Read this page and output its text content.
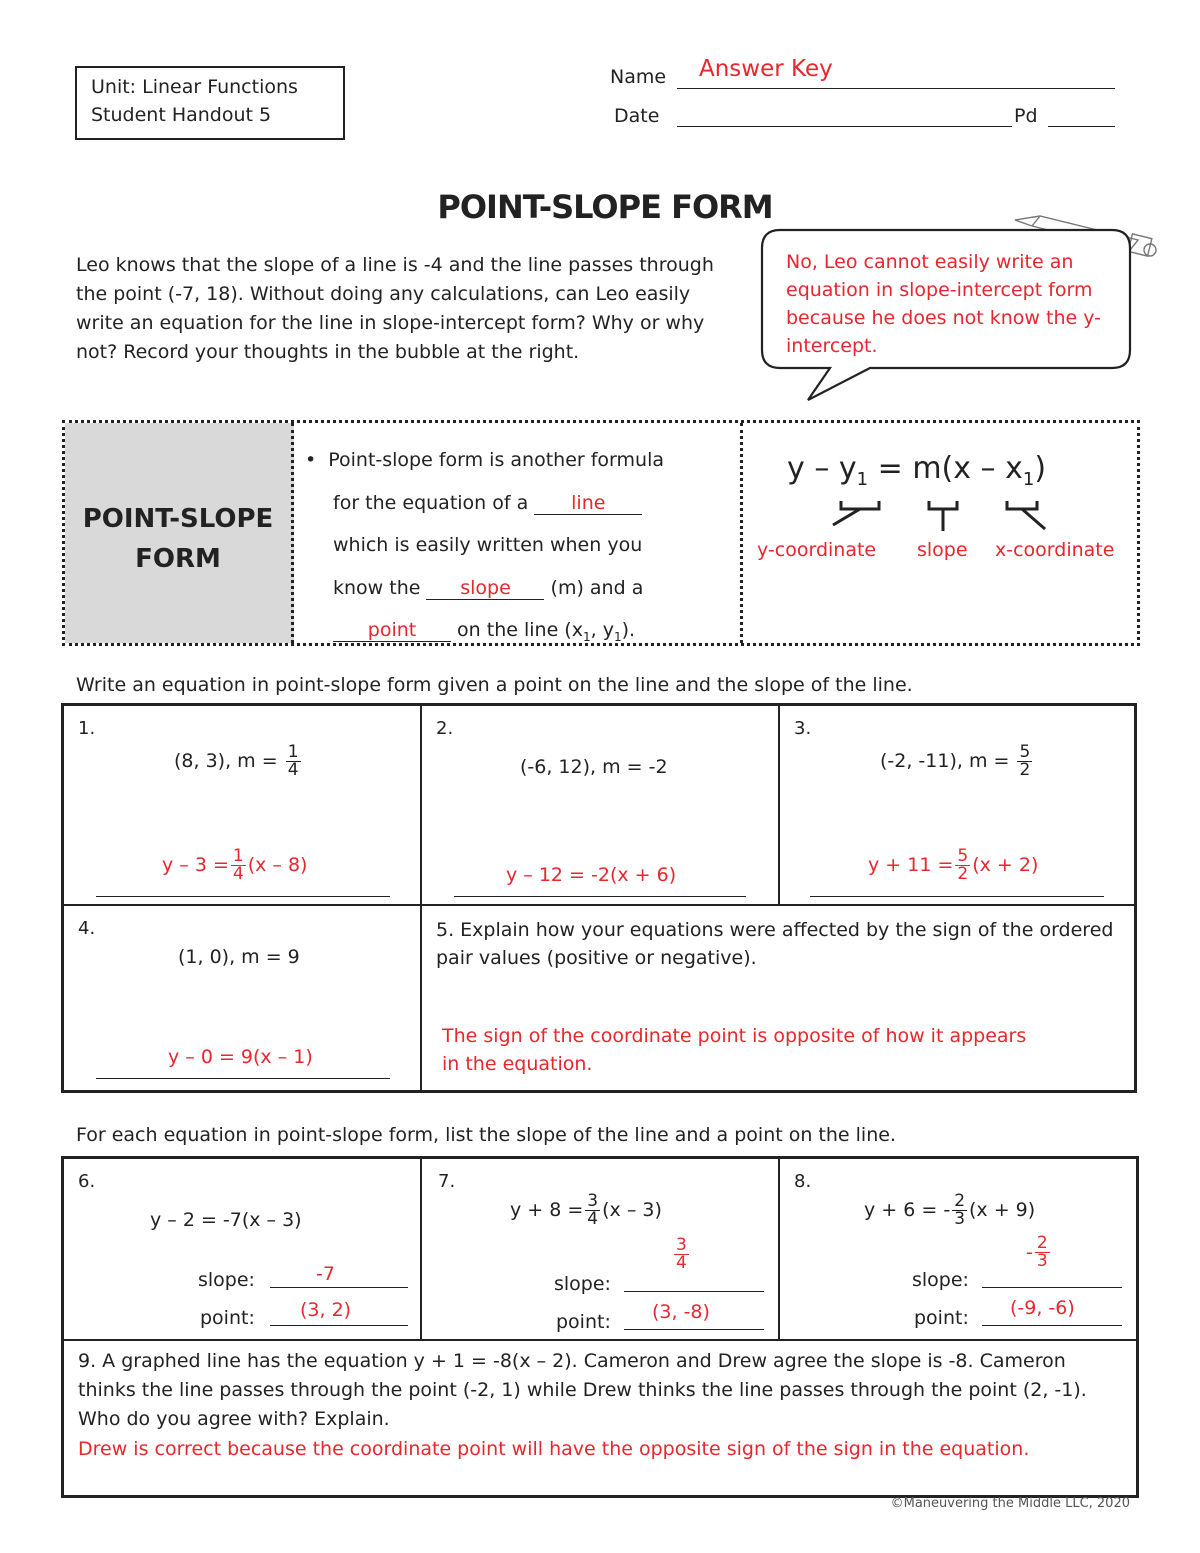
Unit: Linear Functions
Student Handout 5
Name Answer Key
Date	Pd
POINT-SLOPE FORM
Leo knows that the slope of a line is -4 and the line passes through the point (-7, 18). Without doing any calculations, can Leo easily write an equation for the line in slope-intercept form? Why or why not? Record your thoughts in the bubble at the right.
No, Leo cannot easily write an equation in slope-intercept form because he does not know the y-intercept.
POINT-SLOPE
FORM
• Point-slope form is another formula
for the equation of a line
which is easily written when you
know the slope (m) and a
point on the line ($x_1$, $y_1$).
$y - y_1 = m(x - x_1)$
y-coordinate slope x-coordinate
Write an equation in point-slope form given a point on the line and the slope of the line.
1.
(8, 3), $m = \frac{1}{4}$
$y - 3 = \frac{1}{4} (x - 8)$
2.
(-6, 12), m = -2
y – 12 = -2(x + 6)
3.
(-2, -11), $m = \frac{5}{2}$
$y + 11 = \frac{5}{2} (x + 2)$
4.
(1, 0), m = 9
y – 0 = 9(x – 1)
5. Explain how your equations were affected by the sign of the ordered pair values (positive or negative).
The sign of the coordinate point is opposite of how it appears in the equation.
For each equation in point-slope form, list the slope of the line and a point on the line.
6.
y – 2 = -7(x – 3)
slope:	-7
point: (3, 2)
7.
$y + 8 = \frac{3}{4} (x - 3)$
slope:
$\frac{3}{4}$
point: (3, -8)
8.
y + 6 = - $\frac{2}{3} (x + 9)$
slope:
- $\frac{2}{3}$
point: (-9, -6)
9. A graphed line has the equation y + 1 = -8(x – 2). Cameron and Drew agree the slope is -8. Cameron thinks the line passes through the point (-2, 1) while Drew thinks the line passes through the point (2, -1). Who do you agree with? Explain.
Drew is correct because the coordinate point will have the opposite sign of the sign in the equation.
©Maneuvering the Middle LLC, 2020
